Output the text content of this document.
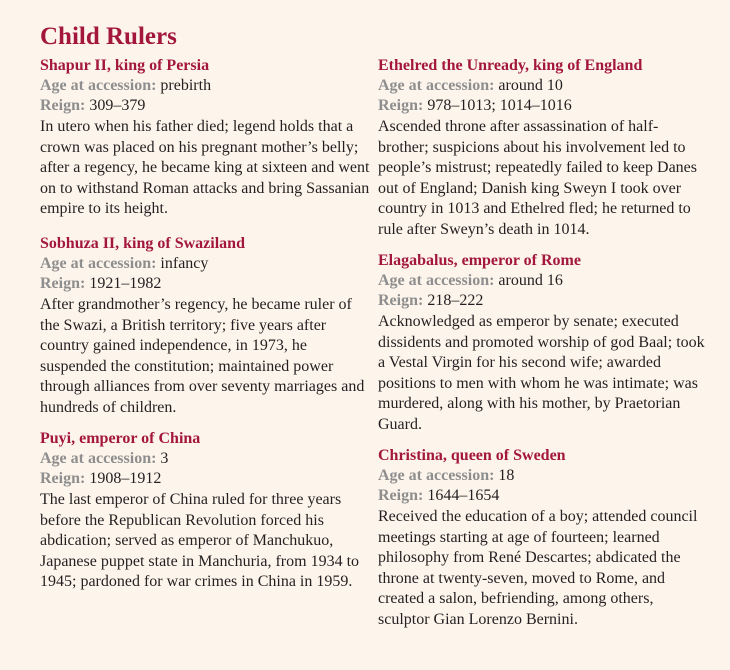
Child Rulers
Shapur II, king of Persia
Age at accession: prebirth
Reign: 309–379
In utero when his father died; legend holds that a crown was placed on his pregnant mother’s belly; after a regency, he became king at sixteen and went on to withstand Roman attacks and bring Sassanian empire to its height.
Sobhuza II, king of Swaziland
Age at accession: infancy
Reign: 1921–1982
After grandmother’s regency, he became ruler of the Swazi, a British territory; five years after country gained independence, in 1973, he suspended the constitution; maintained power through alliances from over seventy marriages and hundreds of children.
Puyi, emperor of China
Age at accession: 3
Reign: 1908–1912
The last emperor of China ruled for three years before the Republican Revolution forced his abdication; served as emperor of Manchukuo, Japanese puppet state in Manchuria, from 1934 to 1945; pardoned for war crimes in China in 1959.
Ethelred the Unready, king of England
Age at accession: around 10
Reign: 978–1013; 1014–1016
Ascended throne after assassination of half-brother; suspicions about his involvement led to people’s mistrust; repeatedly failed to keep Danes out of England; Danish king Sweyn I took over country in 1013 and Ethelred fled; he returned to rule after Sweyn’s death in 1014.
Elagabalus, emperor of Rome
Age at accession: around 16
Reign: 218–222
Acknowledged as emperor by senate; executed dissidents and promoted worship of god Baal; took a Vestal Virgin for his second wife; awarded positions to men with whom he was intimate; was murdered, along with his mother, by Praetorian Guard.
Christina, queen of Sweden
Age at accession: 18
Reign: 1644–1654
Received the education of a boy; attended council meetings starting at age of fourteen; learned philosophy from René Descartes; abdicated the throne at twenty-seven, moved to Rome, and created a salon, befriending, among others, sculptor Gian Lorenzo Bernini.
